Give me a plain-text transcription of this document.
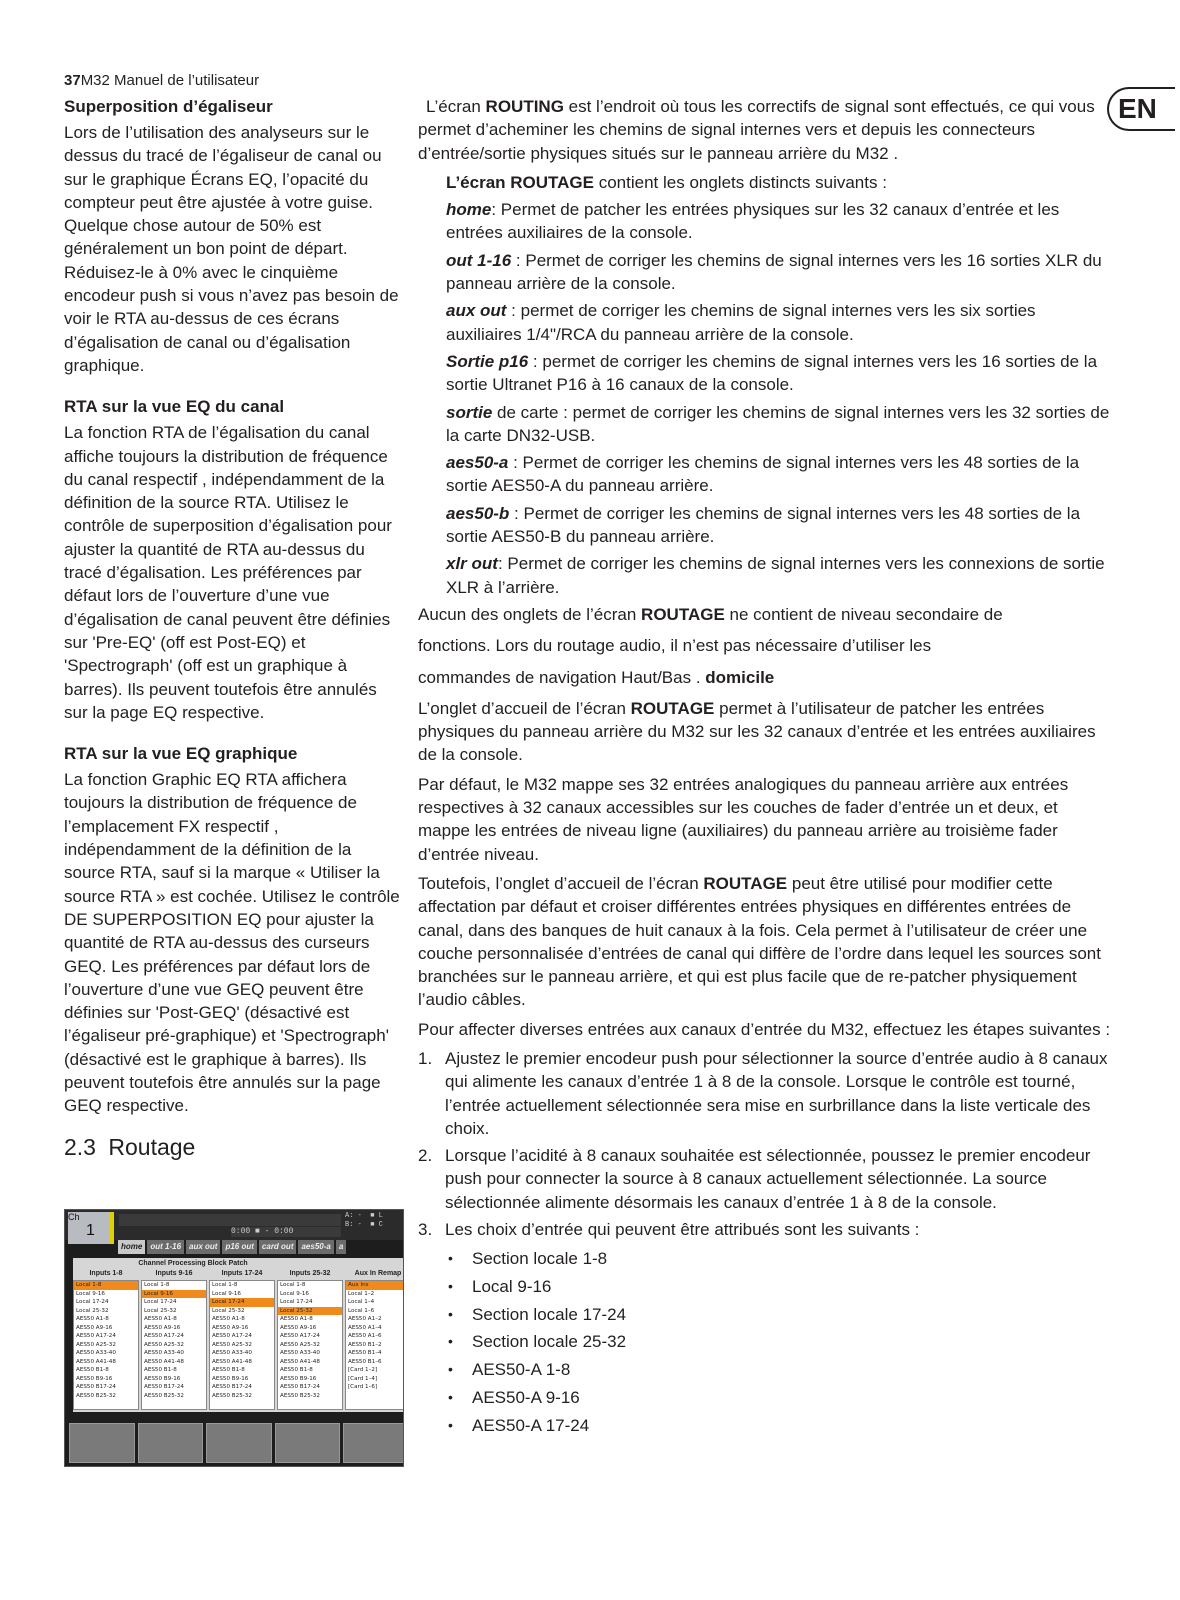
37M32 Manuel de l’utilisateur
EN
Superposition d’égaliseur

Lors de l’utilisation des analyseurs sur le dessus du tracé de l’égaliseur de canal ou sur le graphique Écrans EQ, l’opacité du compteur peut être ajustée à votre guise. Quelque chose autour de 50% est généralement un bon point de départ. Réduisez-le à 0% avec le cinquième encodeur push si vous n’avez pas besoin de voir le RTA au-dessus de ces écrans d’égalisation de canal ou d’égalisation graphique.

RTA sur la vue EQ du canal

La fonction RTA de l’égalisation du canal affiche toujours la distribution de fréquence du canal respectif , indépendamment de la définition de la source RTA. Utilisez le contrôle de superposition d’égalisation pour ajuster la quantité de RTA au-dessus du tracé d’égalisation. Les préférences par défaut lors de l’ouverture d’une vue d’égalisation de canal peuvent être définies sur 'Pre-EQ' (off est Post-EQ) et 'Spectrograph' (off est un graphique à barres). Ils peuvent toutefois être annulés sur la page EQ respective.

RTA sur la vue EQ graphique

La fonction Graphic EQ RTA affichera toujours la distribution de fréquence de l’emplacement FX respectif , indépendamment de la définition de la source RTA, sauf si la marque « Utiliser la source RTA » est cochée. Utilisez le contrôle DE SUPERPOSITION EQ pour ajuster la quantité de RTA au-dessus des curseurs GEQ. Les préférences par défaut lors de l’ouverture d’une vue GEQ peuvent être définies sur 'Post-GEQ' (désactivé est l’égaliseur pré-graphique) et 'Spectrograph' (désactivé est le graphique à barres). Ils peuvent toutefois être annulés sur la page GEQ respective.

2.3 Routage
Ch
1	0:00 ■ - 0:00
A: -  ■ L
B: -  ■ C
home	out 1-16	aux out	p16 out	card out	aes50-a	a
Channel Processing Block Patch
Inputs 1-8
Local 1-8
Local 9-16
Local 17-24
Local 25-32
AES50 A1-8
AES50 A9-16
AES50 A17-24
AES50 A25-32
AES50 A33-40
AES50 A41-48
AES50 B1-8
AES50 B9-16
AES50 B17-24
AES50 B25-32
Inputs 9-16
Local 1-8
Local 9-16
Local 17-24
Local 25-32
AES50 A1-8
AES50 A9-16
AES50 A17-24
AES50 A25-32
AES50 A33-40
AES50 A41-48
AES50 B1-8
AES50 B9-16
AES50 B17-24
AES50 B25-32
Inputs 17-24
Local 1-8
Local 9-16
Local 17-24
Local 25-32
AES50 A1-8
AES50 A9-16
AES50 A17-24
AES50 A25-32
AES50 A33-40
AES50 A41-48
AES50 B1-8
AES50 B9-16
AES50 B17-24
AES50 B25-32
Inputs 25-32
Local 1-8
Local 9-16
Local 17-24
Local 25-32
AES50 A1-8
AES50 A9-16
AES50 A17-24
AES50 A25-32
AES50 A33-40
AES50 A41-48
AES50 B1-8
AES50 B9-16
AES50 B17-24
AES50 B25-32
Aux In Remap
Aux Ins
Local 1–2
Local 1–4
Local 1–6
AES50 A1–2
AES50 A1–4
AES50 A1–6
AES50 B1–2
AES50 B1–4
AES50 B1–6
[Card 1–2]
[Card 1–4]
[Card 1–6]

L’écran ROUTING est l’endroit où tous les correctifs de signal sont effectués, ce qui vous permet d’acheminer les chemins de signal internes vers et depuis les connecteurs d’entrée/sortie physiques situés sur le panneau arrière du M32 .

L’écran ROUTAGE contient les onglets distincts suivants :

home: Permet de patcher les entrées physiques sur les 32 canaux d’entrée et les entrées auxiliaires de la console.

out 1-16 : Permet de corriger les chemins de signal internes vers les 16 sorties XLR du panneau arrière de la console.

aux out : permet de corriger les chemins de signal internes vers les six sorties auxiliaires 1/4"/RCA du panneau arrière de la console.

Sortie p16 : permet de corriger les chemins de signal internes vers les 16 sorties de la sortie Ultranet P16 à 16 canaux de la console.

sortie de carte : permet de corriger les chemins de signal internes vers les 32 sorties de la carte DN32-USB.

aes50-a : Permet de corriger les chemins de signal internes vers les 48 sorties de la sortie AES50-A du panneau arrière.

aes50-b : Permet de corriger les chemins de signal internes vers les 48 sorties de la sortie AES50-B du panneau arrière.

xlr out: Permet de corriger les chemins de signal internes vers les connexions de sortie XLR à l’arrière.

Aucun des onglets de l’écran ROUTAGE ne contient de niveau secondaire de

fonctions. Lors du routage audio, il n’est pas nécessaire d’utiliser les

commandes de navigation Haut/Bas . domicile

L’onglet d’accueil de l’écran ROUTAGE permet à l’utilisateur de patcher les entrées physiques du panneau arrière du M32 sur les 32 canaux d’entrée et les entrées auxiliaires de la console.

Par défaut, le M32 mappe ses 32 entrées analogiques du panneau arrière aux entrées respectives à 32 canaux accessibles sur les couches de fader d’entrée un et deux, et mappe les entrées de niveau ligne (auxiliaires) du panneau arrière au troisième fader d’entrée niveau.

Toutefois, l’onglet d’accueil de l’écran ROUTAGE peut être utilisé pour modifier cette affectation par défaut et croiser différentes entrées physiques en différentes entrées de canal, dans des banques de huit canaux à la fois. Cela permet à l’utilisateur de créer une couche personnalisée d’entrées de canal qui diffère de l’ordre dans lequel les sources sont branchées sur le panneau arrière, et qui est plus facile que de re-patcher physiquement l’audio câbles.

Pour affecter diverses entrées aux canaux d’entrée du M32, effectuez les étapes suivantes :

1. Ajustez le premier encodeur push pour sélectionner la source d’entrée audio à 8 canaux qui alimente les canaux d’entrée 1 à 8 de la console. Lorsque le contrôle est tourné, l’entrée actuellement sélectionnée sera mise en surbrillance dans la liste verticale des choix.
2. Lorsque l’acidité à 8 canaux souhaitée est sélectionnée, poussez le premier encodeur push pour connecter la source à 8 canaux actuellement sélectionnée. La source sélectionnée alimente désormais les canaux d’entrée 1 à 8 de la console.
3. Les choix d’entrée qui peuvent être attribués sont les suivants :
• Section locale 1-8
• Local 9-16
• Section locale 17-24
• Section locale 25-32
• AES50-A 1-8
• AES50-A 9-16
• AES50-A 17-24
